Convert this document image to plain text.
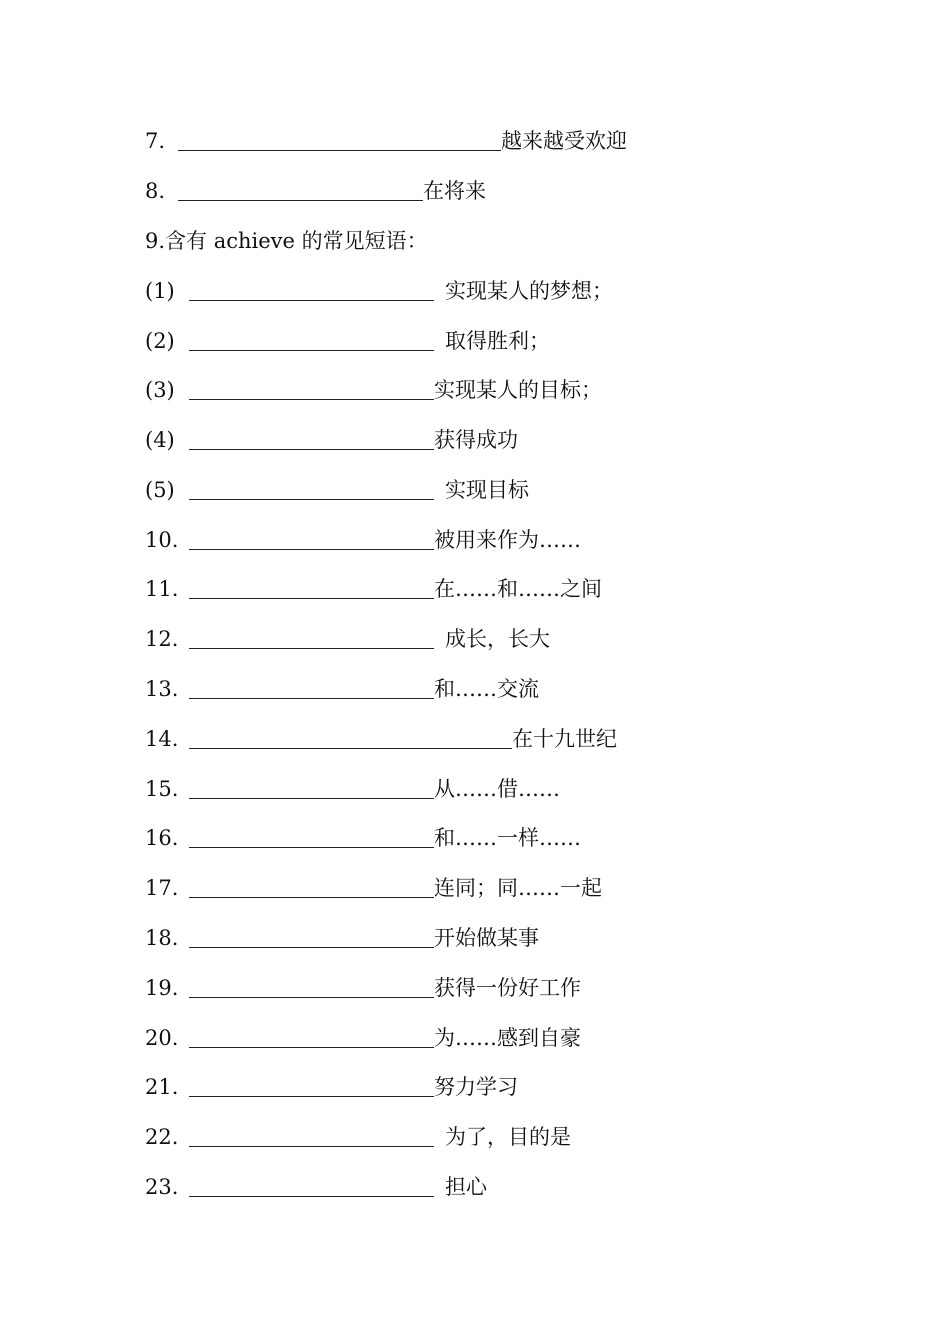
7.	越来越受欢迎
8.	在将来
9.含有 achieve 的常见短语：
(1)	实现某人的梦想；
(2)	取得胜利；
(3)	实现某人的目标；
(4)	获得成功
(5)	实现目标
10.	被用来作为……
11.	在……和……之间
12.	成长，长大
13.	和……交流
14.	在十九世纪
15.	从……借……
16.	和……一样……
17.	连同；同……一起
18.	开始做某事
19.	获得一份好工作
20.	为……感到自豪
21.	努力学习
22.	为了，目的是
23.	担心
